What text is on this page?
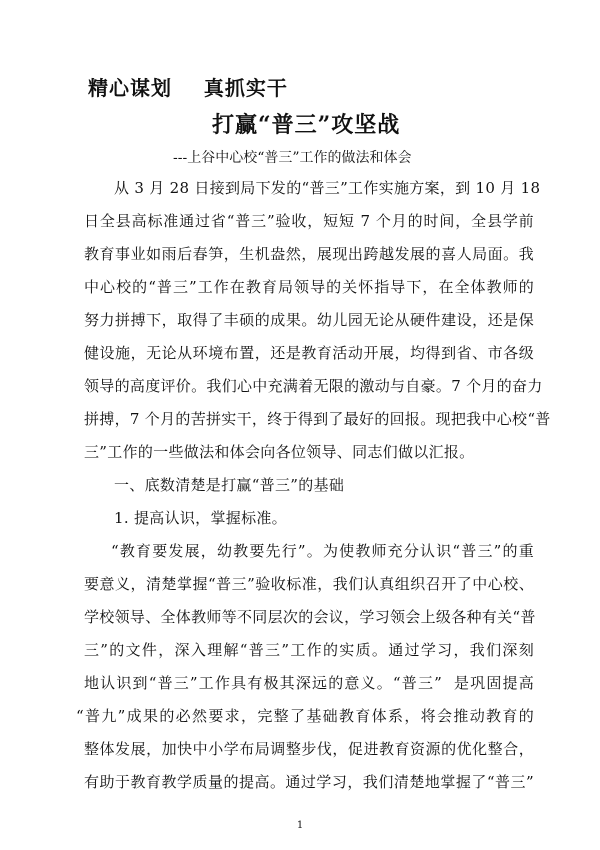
精心谋划    真抓实干
打赢“普三”攻坚战

---上谷中心校“普三”工作的做法和体会

从 3 月 28 日接到局下发的“普三”工作实施方案，到 10 月 18

日全县高标准通过省“普三”验收，短短 7 个月的时间，全县学前

教育事业如雨后春笋，生机盎然，展现出跨越发展的喜人局面。我

中心校的“普三”工作在教育局领导的关怀指导下，在全体教师的

努力拼搏下，取得了丰硕的成果。幼儿园无论从硬件建设，还是保

健设施，无论从环境布置，还是教育活动开展，均得到省、市各级

领导的高度评价。我们心中充满着无限的激动与自豪。7 个月的奋力

拼搏，7 个月的苦拼实干，终于得到了最好的回报。现把我中心校“普

三”工作的一些做法和体会向各位领导、同志们做以汇报。

一、底数清楚是打赢“普三”的基础

1. 提高认识，掌握标准。

“教育要发展，幼教要先行”。为使教师充分认识“普三”的重

要意义，清楚掌握“普三”验收标准，我们认真组织召开了中心校、

学校领导、全体教师等不同层次的会议，学习领会上级各种有关“普

三”的文件，深入理解“普三”工作的实质。通过学习，我们深刻

地认识到“普三”工作具有极其深远的意义。“普三”  是巩固提高

“普九”成果的必然要求，完整了基础教育体系，将会推动教育的

整体发展，加快中小学布局调整步伐，促进教育资源的优化整合，

有助于教育教学质量的提高。通过学习，我们清楚地掌握了“普三”

1
